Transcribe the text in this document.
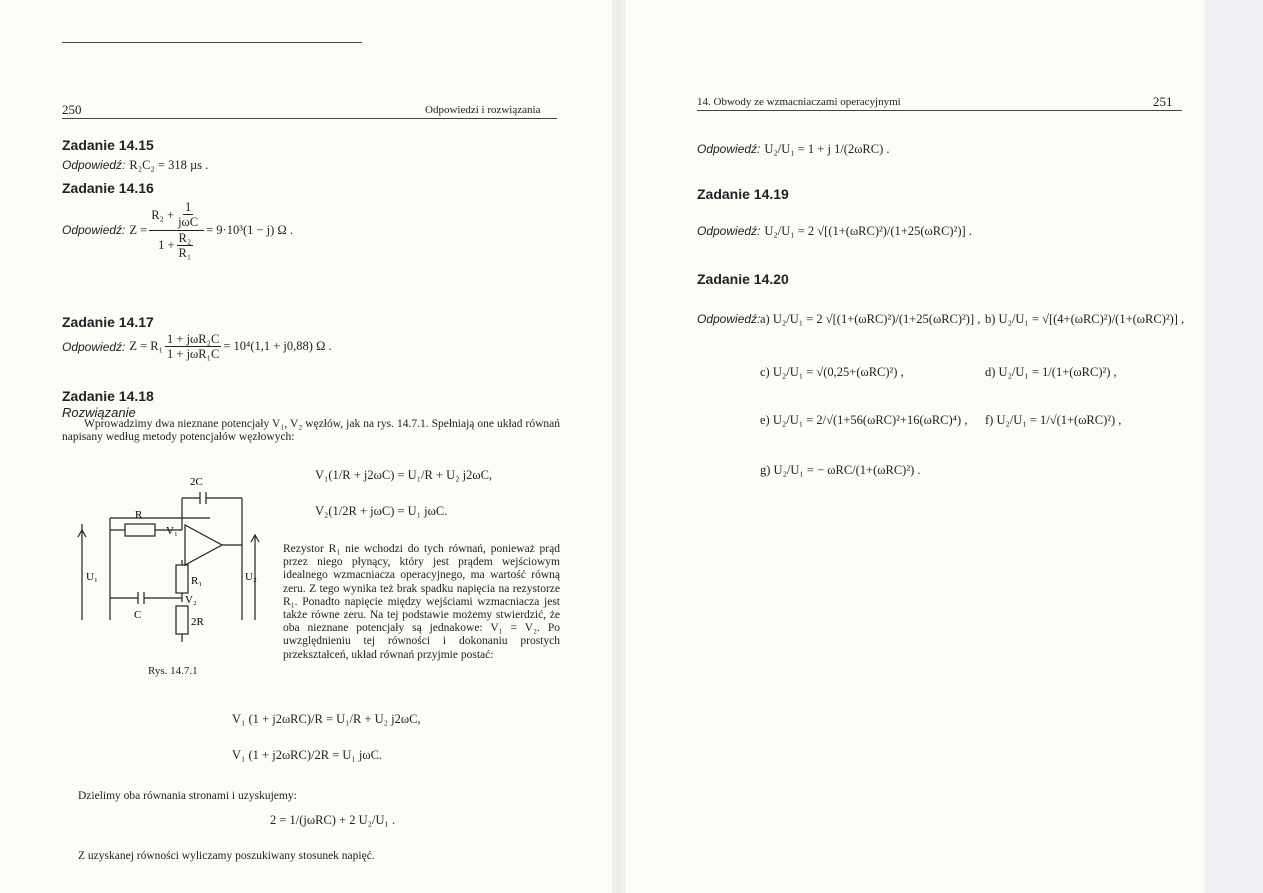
250	Odpowiedzi i rozwiązania
Zadanie 14.15
Odpowiedź: R₂C₂ = 318 µs .
Zadanie 14.16
Odpowiedź:
$Z = \frac{R_2 + \frac{1}{\text{jωC}}}{1 + \frac{\text{R₂}}{\text{R₁}}} = 9\cdot 10^3(1 - j)$ Ω .
Zadanie 14.17
Odpowiedź:
$Z = R_1 \frac{\text{1 + jωR₂C}}{\text{1 + jωR₁C}} = 10^4(1,1 + j0,88)$ Ω .
Zadanie 14.18
Rozwiązanie
Wprowadzimy dwa nieznane potencjały V₁, V₂ węzłów, jak na rys. 14.7.1. Spełniają one układ równań napisany według metody potencjałów węzłowych:
V₁(1/R + j2ωC) = U₁/R + U₂ j2ωC,
V₂(1/2R + jωC) = U₁ jωC.
2C
R
V₁
U₁	U₂
R₁
V₂
C
2R
Rys. 14.7.1
Rezystor R₁ nie wchodzi do tych równań, ponieważ prąd przez niego płynący, który jest prądem wejściowym idealnego wzmacniacza operacyjnego, ma wartość równą zeru. Z tego wynika też brak spadku napięcia na rezystorze R₁. Ponadto napięcie między wejściami wzmacniacza jest także równe zeru. Na tej podstawie możemy stwierdzić, że oba nieznane potencjały są jednakowe: V₁ = V₂. Po uwzględnieniu tej równości i dokonaniu prostych przekształceń, układ równań przyjmie postać:
V₁ (1 + j2ωRC)/R = U₁/R + U₂ j2ωC,
V₁ (1 + j2ωRC)/2R = U₁ jωC.
Dzielimy oba równania stronami i uzyskujemy:
2 = 1/(jωRC) + 2 U₂/U₁ .
Z uzyskanej równości wyliczamy poszukiwany stosunek napięć.
14. Obwody ze wzmacniaczami operacyjnymi	251
Odpowiedź: U₂/U₁ = 1 + j 1/(2ωRC) .
Zadanie 14.19
Odpowiedź: U₂/U₁ = 2 √[(1+(ωRC)²)/(1+25(ωRC)²)] .
Zadanie 14.20
Odpowiedź: a) U₂/U₁ = 2 √[(1+(ωRC)²)/(1+25(ωRC)²)] , b) U₂/U₁ = √[(4+(ωRC)²)/(1+(ωRC)²)] ,
c) U₂/U₁ = √(0,25+(ωRC)²) ,	d) U₂/U₁ = 1/(1+(ωRC)²) ,
e) U₂/U₁ = 2/√(1+56(ωRC)²+16(ωRC)⁴) , f) U₂/U₁ = 1/√(1+(ωRC)²) ,
g) U₂/U₁ = − ωRC/(1+(ωRC)²) .
